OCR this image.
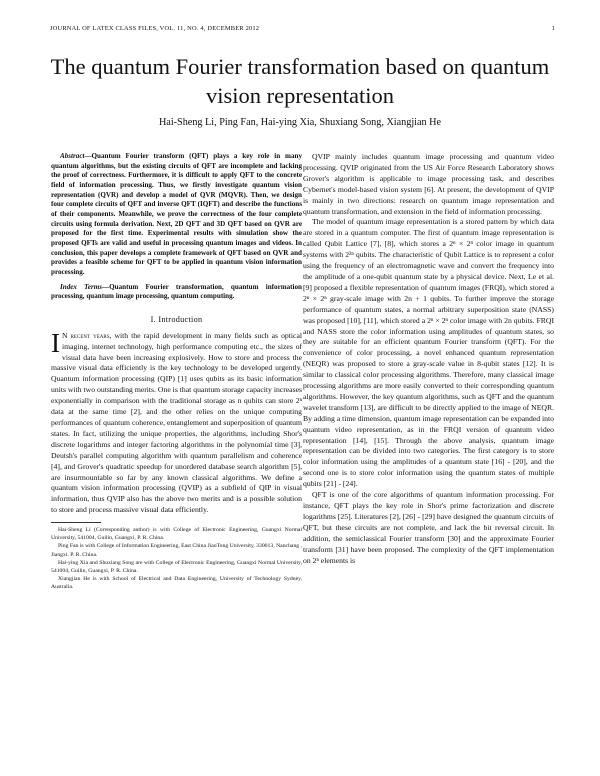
JOURNAL OF LATEX CLASS FILES, VOL. 11, NO. 4, DECEMBER 2012	1
The quantum Fourier transformation based on quantum vision representation
Hai-Sheng Li, Ping Fan, Hai-ying Xia, Shuxiang Song, Xiangjian He

Abstract—Quantum Fourier transform (QFT) plays a key role in many quantum algorithms, but the existing circuits of QFT are incomplete and lacking the proof of correctness. Furthermore, it is difficult to apply QFT to the concrete field of information processing. Thus, we firstly investigate quantum vision representation (QVR) and develop a model of QVR (MQVR). Then, we design four complete circuits of QFT and inverse QFT (IQFT) and describe the functions of their components. Meanwhile, we prove the correctness of the four complete circuits using formula derivation. Next, 2D QFT and 3D QFT based on QVR are proposed for the first time. Experimental results with simulation show the proposed QFTs are valid and useful in processing quantum images and videos. In conclusion, this paper develops a complete framework of QFT based on QVR and provides a feasible scheme for QFT to be applied in quantum vision information processing.

Index Terms—Quantum Fourier transformation, quantum information processing, quantum image processing, quantum computing.

I. Introduction

I N recent years, with the rapid development in many fields such as optical imaging, internet technology, high performance computing etc., the sizes of visual data have been increasing explosively. How to store and process the massive visual data efficiently is the key technology to be developed urgently. Quantum information processing (QIP) [1] uses qubits as its basic information units with two outstanding merits. One is that quantum storage capacity increases exponentially in comparison with the traditional storage as n qubits can store 2ⁿ data at the same time [2], and the other relies on the unique computing performances of quantum coherence, entanglement and superposition of quantum states. In fact, utilizing the unique properties, the algorithms, including Shor's discrete logarithms and integer factoring algorithms in the polynomial time [3], Deutsh's parallel computing algorithm with quantum parallelism and coherence [4], and Grover's quadratic speedup for unordered database search algorithm [5], are insurmountable so far by any known classical algorithms. We define a quantum vision information processing (QVIP) as a subfield of QIP in visual information, thus QVIP also has the above two merits and is a possible solution to store and process massive visual data efficiently.

Hai-Sheng Li (Corresponding author) is with College of Electronic Engineering, Guangxi Normal University, 541004, Guilin, Guangxi, P. R. China.

Ping Fan is with College of Information Engineering, East China JiaoTong University, 330013, Nanchang , Jiangxi. P. R. China.

Hai-ying Xia and Shuxiang Song are with College of Electronic Engineering, Guangxi Normal University, 541004, Guilin, Guangxi, P. R. China.

Xiangjian He is with School of Electrical and Data Engineering, University of Technology Sydney, Australia.

QVIP mainly includes quantum image processing and quantum video processing. QVIP originated from the US Air Force Research Laboratory shows Grover's algorithm is applicable to image processing task, and describes Cybernet's model-based vision system [6]. At present, the development of QVIP is mainly in two directions: research on quantum image representation and quantum transformation, and extension in the field of information processing.

The model of quantum image representation is a stored pattern by which data are stored in a quantum computer. The first of quantum image representation is called Qubit Lattice [7], [8], which stores a 2ⁿ × 2ⁿ color image in quantum systems with 2²ⁿ qubits. The characteristic of Qubit Lattice is to represent a color using the frequency of an electromagnetic wave and convert the frequency into the amplitude of a one-qubit quantum state by a physical device. Next, Le et al. [9] proposed a flexible representation of quantum images (FRQI), which stored a 2ⁿ × 2ⁿ gray-scale image with 2n + 1 qubits. To further improve the storage performance of quantum states, a normal arbitrary superposition state (NASS) was proposed [10], [11], which stored a 2ⁿ × 2ⁿ color image with 2n qubits. FRQI and NASS store the color information using amplitudes of quantum states, so they are suitable for an efficient quantum Fourier transform (QFT). For the convenience of color processing, a novel enhanced quantum representation (NEQR) was proposed to store a gray-scale value in 8-qubit states [12]. It is similar to classical color processing algorithms. Therefore, many classical image processing algorithms are more easily converted to their corresponding quantum algorithms. However, the key quantum algorithms, such as QFT and the quantum wavelet transform [13], are difficult to be directly applied to the image of NEQR. By adding a time dimension, quantum image representation can be expanded into quantum video representation, as in the FRQI version of quantum video representation [14], [15]. Through the above analysis, quantum image representation can be divided into two categories. The first category is to store color information using the amplitudes of a quantum state [16] - [20], and the second one is to store color information using the quantum states of multiple qubits [21] - [24].

QFT is one of the core algorithms of quantum information processing. For instance, QFT plays the key role in Shor's prime factorization and discrete logarithms [25]. Literatures [2], [26] - [29] have designed the quantum circuits of QFT, but these circuits are not complete, and lack the bit reversal circuit. In addition, the semiclassical Fourier transform [30] and the approximate Fourier transform [31] have been proposed. The complexity of the QFT implementation on 2ⁿ elements is
